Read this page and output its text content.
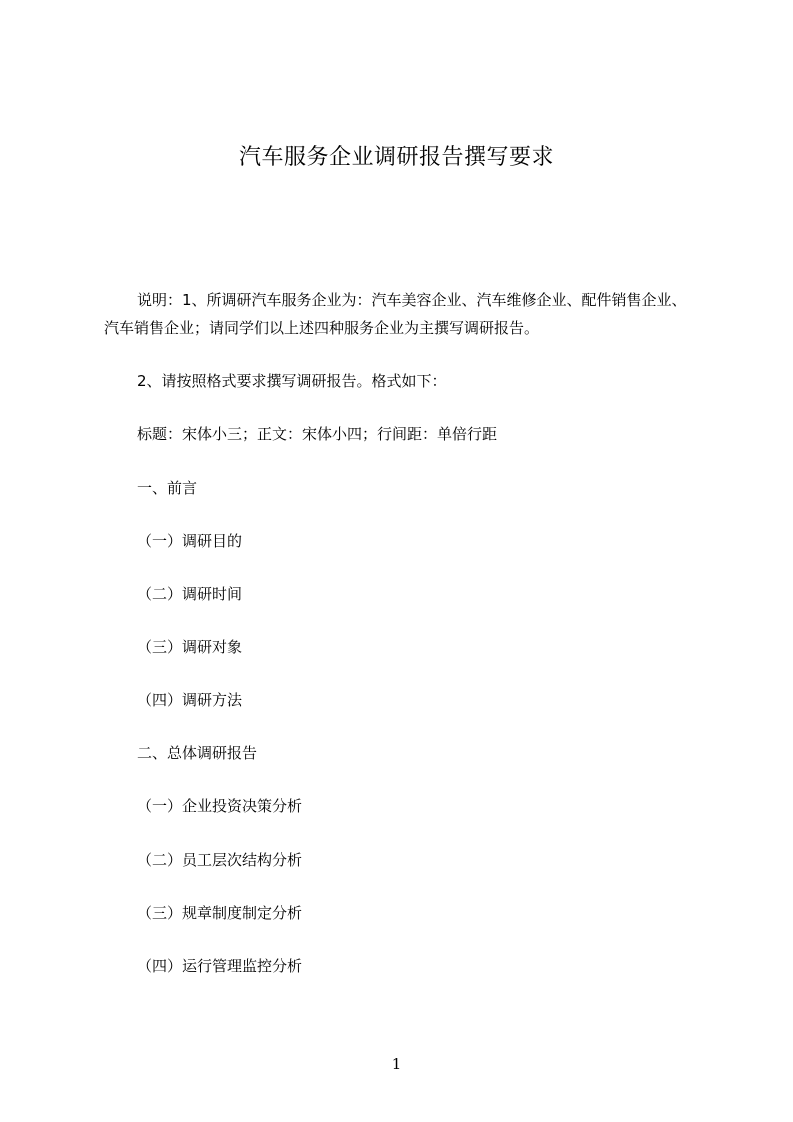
汽车服务企业调研报告撰写要求
说明：1、所调研汽车服务企业为：汽车美容企业、汽车维修企业、配件销售企业、
汽车销售企业；请同学们以上述四种服务企业为主撰写调研报告。
2、请按照格式要求撰写调研报告。格式如下：
标题：宋体小三；正文：宋体小四；行间距：单倍行距
一、前言
（一）调研目的
（二）调研时间
（三）调研对象
（四）调研方法
二、总体调研报告
（一）企业投资决策分析
（二）员工层次结构分析
（三）规章制度制定分析
（四）运行管理监控分析
1
